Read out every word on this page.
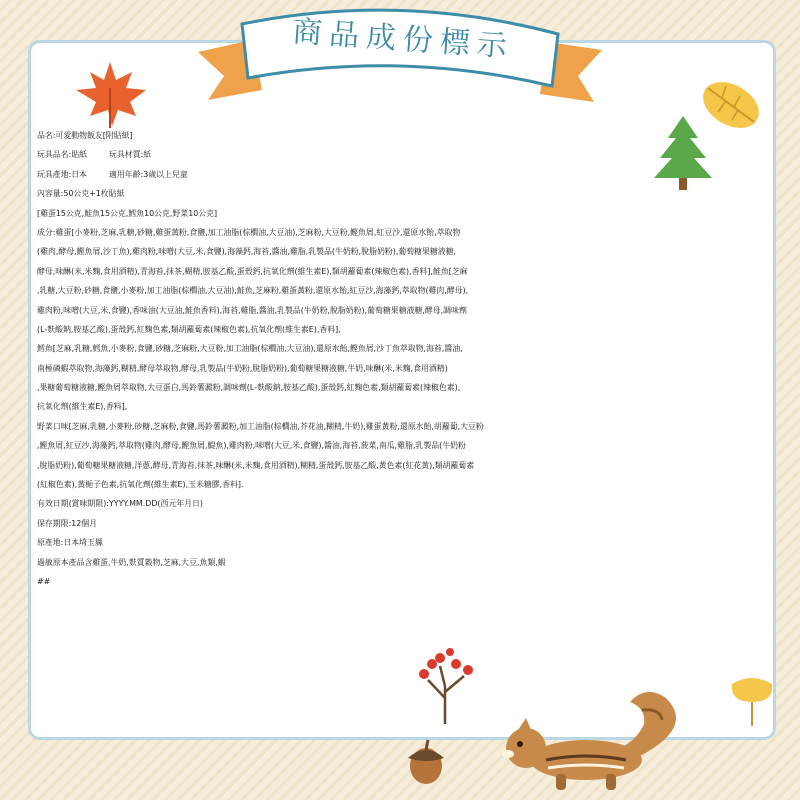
商品成份標示
品名:可愛動物飯友[附貼紙]
玩具品名:貼紙	玩具材質:紙
玩具產地:日本	適用年齡:3歲以上兒童
內容量:50公克+1枚貼紙
[雞蛋15公克,鮭魚15公克,鱈魚10公克,野菜10公克]
成分:雞蛋[小麥粉,芝麻,乳糖,砂糖,雞蛋黃粉,食鹽,加工油脂(棕櫚油,大豆油),芝麻粉,大豆粉,鰹魚屑,紅豆沙,還原水飴,萃取物
(雞肉,酵母,鰹魚屑,沙丁魚),雞肉粉,味噌(大豆,米,食鹽),海藻鈣,海苔,醬油,雞脂,乳製品(牛奶粉,脫脂奶粉),葡萄糖果糖液糖,
酵母,味醂(米,米麴,食用酒精),青海苔,抹茶,糊精,胺基乙酸,蛋殼鈣,抗氧化劑(維生素E),類胡蘿蔔素(辣椒色素),香料],鮭魚[芝麻
,乳糖,大豆粉,砂糖,食鹽,小麥粉,加工油脂(棕櫚油,大豆油),鮭魚,芝麻粉,雞蛋黃粉,還原水飴,紅豆沙,海藻鈣,萃取物(雞肉,酵母),
雞肉粉,味噌(大豆,米,食鹽),香味油(大豆油,鮭魚香料),海苔,雞脂,醬油,乳製品(牛奶粉,脫脂奶粉),葡萄糖果糖液糖,酵母,調味劑
(L-麩酸鈉,胺基乙酸),蛋殼鈣,紅麴色素,類胡蘿蔔素(辣椒色素),抗氧化劑(維生素E),香料],
鱈魚[芝麻,乳糖,鱈魚,小麥粉,食鹽,砂糖,芝麻粉,大豆粉,加工油脂(棕櫚油,大豆油),還原水飴,鰹魚屑,沙丁魚萃取物,海苔,醬油,
南極磷蝦萃取物,海藻鈣,糊精,酵母萃取物,酵母,乳製品(牛奶粉,脫脂奶粉),葡萄糖果糖液糖,牛奶,味醂(米,米麴,食用酒精)
,果糖葡萄糖液糖,鰹魚屑萃取物,大豆蛋白,馬鈴薯澱粉,調味劑(L-麩酸鈉,胺基乙酸),蛋殼鈣,紅麴色素,類胡蘿蔔素(辣椒色素),
抗氧化劑(維生素E),香料],
野菜口味[芝麻,乳糖,小麥粉,砂糖,芝麻粉,食鹽,馬鈴薯澱粉,加工油脂(棕櫚油,芥花油,糊精,牛奶),雞蛋黃粉,還原水飴,胡蘿蔔,大豆粉
,鰹魚屑,紅豆沙,海藻鈣,萃取物(雞肉,酵母,鰹魚屑,鯷魚),雞肉粉,味噌(大豆,米,食鹽),醬油,海苔,菠菜,南瓜,雞脂,乳製品(牛奶粉
,脫脂奶粉),葡萄糖果糖液糖,洋蔥,酵母,青海苔,抹茶,味醂(米,米麴,食用酒精),糊精,蛋殼鈣,胺基乙酸,黃色素(紅花黃),類胡蘿蔔素
(紅椒色素),黃梔子色素,抗氧化劑(維生素E),玉米糖膠,香料].
有效日期(賞味期限):YYYY.MM.DD(西元年月日)
保存期限:12個月
原產地:日本埼玉縣
過敏原本產品含雞蛋,牛奶,麩質穀物,芝麻,大豆,魚類,蝦
##
